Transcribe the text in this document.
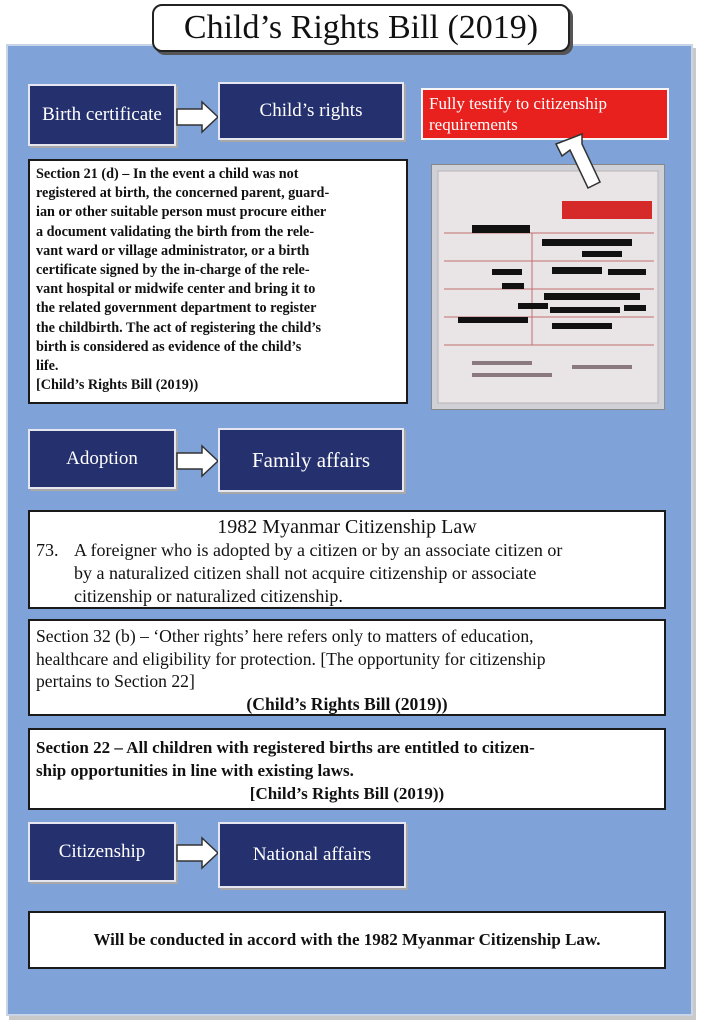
Child’s Rights Bill (2019)
Birth certificate	Child’s rights	Fully testify to citizenship
requirements

Section 21 (d) – In the event a child was not

registered at birth, the concerned parent, guard-

ian or other suitable person must procure either

a document validating the birth from the rele-

vant ward or village administrator, or a birth

certificate signed by the in-charge of the rele-

vant hospital or midwife center and bring it to

the related government department to register

the childbirth. The act of registering the child’s

birth is considered as evidence of the child’s

life.

[Child’s Rights Bill (2019))

Adoption	Family affairs
1982 Myanmar Citizenship Law
73. A foreigner who is adopted by a citizen or by an associate citizen or
by a naturalized citizen shall not acquire citizenship or associate
citizenship or naturalized citizenship.
Section 32 (b) – ‘Other rights’ here refers only to matters of education,
healthcare and eligibility for protection. [The opportunity for citizenship
pertains to Section 22]
(Child’s Rights Bill (2019))
Section 22 – All children with registered births are entitled to citizen-
ship opportunities in line with existing laws.
[Child’s Rights Bill (2019))
Citizenship	National affairs
Will be conducted in accord with the 1982 Myanmar Citizenship Law.
